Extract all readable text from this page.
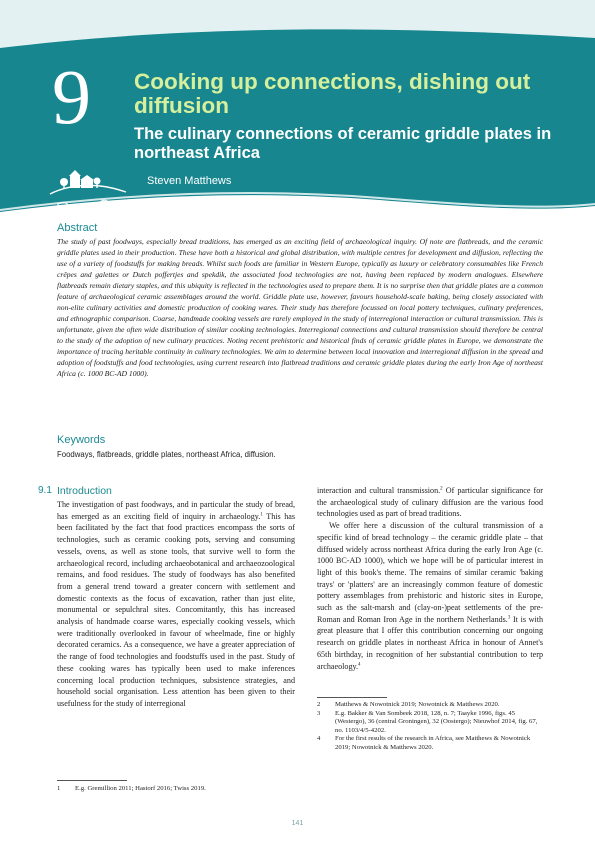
9 Cooking up connections, dishing out diffusion
The culinary connections of ceramic griddle plates in northeast Africa
Steven Matthews
Abstract
The study of past foodways, especially bread traditions, has emerged as an exciting field of archaeological inquiry. Of note are flatbreads, and the ceramic griddle plates used in their production. These have both a historical and global distribution, with multiple centres for development and diffusion, reflecting the use of a variety of foodstuffs for making breads. Whilst such foods are familiar in Western Europe, typically as luxury or celebratory consumables like French crêpes and galettes or Dutch poffertjes and spekdik, the associated food technologies are not, having been replaced by modern analogues. Elsewhere flatbreads remain dietary staples, and this ubiquity is reflected in the technologies used to prepare them. It is no surprise then that griddle plates are a common feature of archaeological ceramic assemblages around the world. Griddle plate use, however, favours household-scale baking, being closely associated with non-elite culinary activities and domestic production of cooking wares. Their study has therefore focussed on local pottery techniques, culinary preferences, and ethnographic comparison. Coarse, handmade cooking vessels are rarely employed in the study of interregional interaction or cultural transmission. This is unfortunate, given the often wide distribution of similar cooking technologies. Interregional connections and cultural transmission should therefore be central to the study of the adoption of new culinary practices. Noting recent prehistoric and historical finds of ceramic griddle plates in Europe, we demonstrate the importance of tracing heritable continuity in culinary technologies. We aim to determine between local innovation and interregional diffusion in the spread and adoption of foodstuffs and food technologies, using current research into flatbread traditions and ceramic griddle plates during the early Iron Age of northeast Africa (c. 1000 BC-AD 1000).
Keywords
Foodways, flatbreads, griddle plates, northeast Africa, diffusion.
9.1 Introduction

The investigation of past foodways, and in particular the study of bread, has emerged as an exciting field of inquiry in archaeology.$^1$ This has been facilitated by the fact that food practices encompass the sorts of technologies, such as ceramic cooking pots, serving and consuming vessels, ovens, as well as stone tools, that survive well to form the archaeological record, including archaeobotanical and archaeozoological remains, and food residues. The study of foodways has also benefited from a general trend toward a greater concern with settlement and domestic contexts as the focus of excavation, rather than just elite, monumental or sepulchral sites. Concomitantly, this has increased analysis of handmade coarse wares, especially cooking vessels, which were traditionally overlooked in favour of wheelmade, fine or highly decorated ceramics. As a consequence, we have a greater appreciation of the range of food technologies and foodstuffs used in the past. Study of these cooking wares has typically been used to make inferences concerning local production techniques, subsistence strategies, and household social organisation. Less attention has been given to their usefulness for the study of interregional

interaction and cultural transmission.$^2$ Of particular significance for the archaeological study of culinary diffusion are the various food technologies used as part of bread traditions.

We offer here a discussion of the cultural transmission of a specific kind of bread technology – the ceramic griddle plate – that diffused widely across northeast Africa during the early Iron Age (c. 1000 BC-AD 1000), which we hope will be of particular interest in light of this book's theme. The remains of similar ceramic 'baking trays' or 'platters' are an increasingly common feature of domestic pottery assemblages from prehistoric and historic sites in Europe, such as the salt-marsh and (clay-on-)peat settlements of the pre-Roman and Roman Iron Age in the northern Netherlands.$^3$ It is with great pleasure that I offer this contribution concerning our ongoing research on griddle plates in northeast Africa in honour of Annet's 65th birthday, in recognition of her substantial contribution to terp archaeology.$^4$

1 E.g. Gremillion 2011; Hastorf 2016; Twiss 2019.
2 Matthews & Nowotnick 2019; Nowotnick & Matthews 2020.
3 E.g. Bakker & Van Sombeek 2018, 128, n. 7; Taayke 1996, figs. 45 (Westergo), 36 (central Groningen), 32 (Oostergo); Nieuwhof 2014, fig. 67, no. 1103/4/5-4202.
4 For the first results of the research in Africa, see Matthews & Nowotnick 2019; Nowotnick & Matthews 2020.
141
